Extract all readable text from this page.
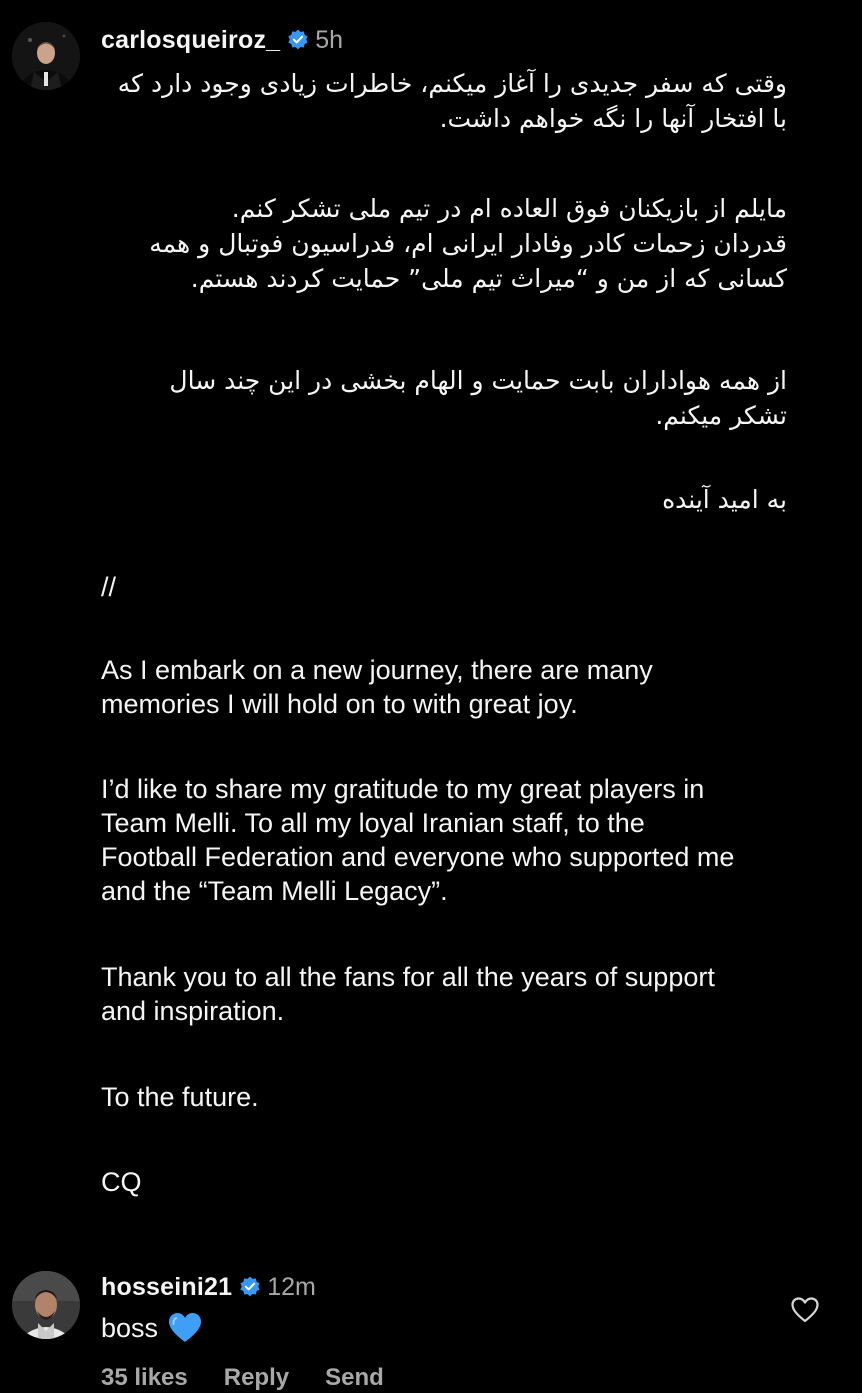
carlosqueiroz_ 5h

وقتی که سفر جدیدی را آغاز میکنم، خاطرات زیادی وجود دارد که
با افتخار آنها را نگه خواهم داشت.

مایلم از بازیکنان فوق العاده ام در تیم ملی تشکر کنم.
قدردان زحمات کادر وفادار ایرانی ام، فدراسیون فوتبال و همه
کسانی که از من و “میراث تیم ملی” حمایت کردند هستم.

از همه هواداران بابت حمایت و الهام بخشی در این چند سال
تشکر میکنم.

به امید آینده

//

As I embark on a new journey, there are many
memories I will hold on to with great joy.

I’d like to share my gratitude to my great players in
Team Melli. To all my loyal Iranian staff, to the
Football Federation and everyone who supported me
and the “Team Melli Legacy”.

Thank you to all the fans for all the years of support
and inspiration.

To the future.

CQ

hosseini21 12m
boss
35 likes Reply Send
